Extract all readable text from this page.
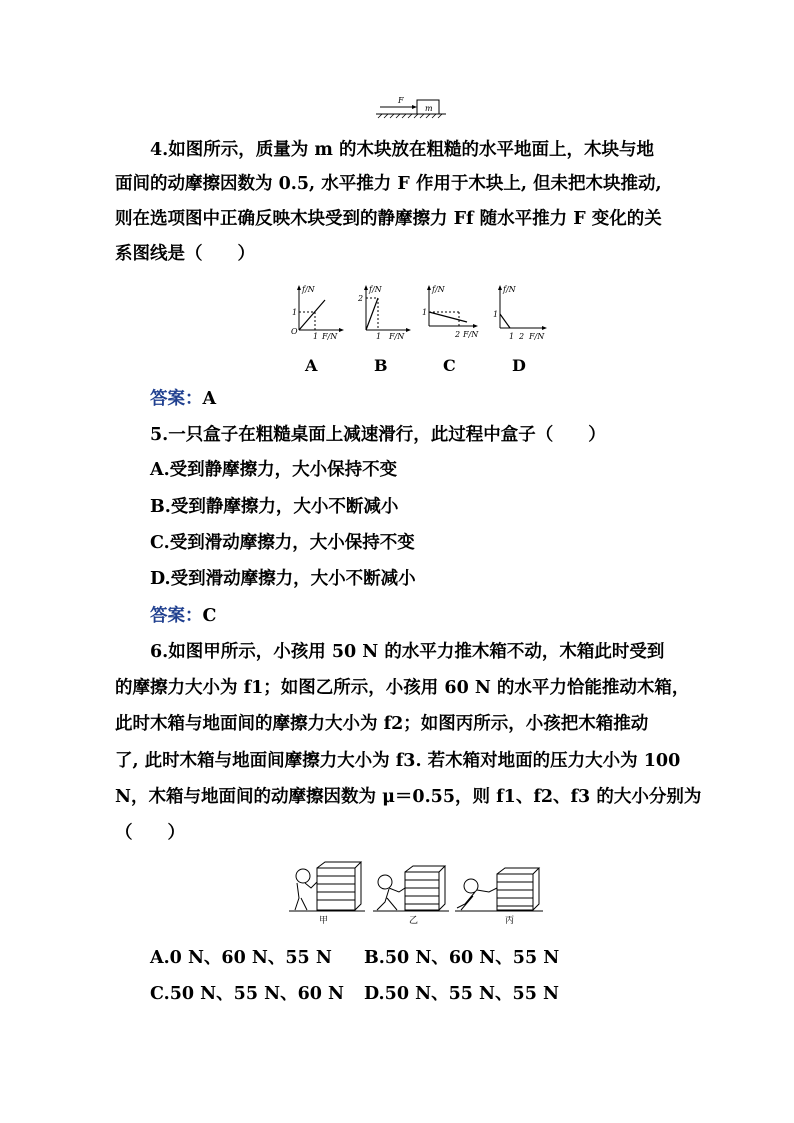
F
m
4.如图所示，质量为 m 的木块放在粗糙的水平地面上，木块与地
面间的动摩擦因数为 0.5, 水平推力 F 作用于木块上, 但未把木块推动,
则在选项图中正确反映木块受到的静摩擦力 Ff 随水平推力 F 变化的关
系图线是（　　）
f/N
F/N
O
1
1
f/N
F/N
2
1
f/N
F/N
1
2
f/N
F/N
1
1 2
A	B	C	D
答案：A
5.一只盒子在粗糙桌面上减速滑行，此过程中盒子（　　）
A.受到静摩擦力，大小保持不变
B.受到静摩擦力，大小不断减小
C.受到滑动摩擦力，大小保持不变
D.受到滑动摩擦力，大小不断减小
答案：C
6.如图甲所示，小孩用 50 N 的水平力推木箱不动，木箱此时受到
的摩擦力大小为 f1；如图乙所示，小孩用 60 N 的水平力恰能推动木箱，
此时木箱与地面间的摩擦力大小为 f2；如图丙所示，小孩把木箱推动
了, 此时木箱与地面间摩擦力大小为 f3. 若木箱对地面的压力大小为 100
N，木箱与地面间的动摩擦因数为 μ＝0.55，则 f1、f2、f3 的大小分别为
（　　）
甲	乙	丙
A.0 N、60 N、55 N	B.50 N、60 N、55 N
C.50 N、55 N、60 N	D.50 N、55 N、55 N
